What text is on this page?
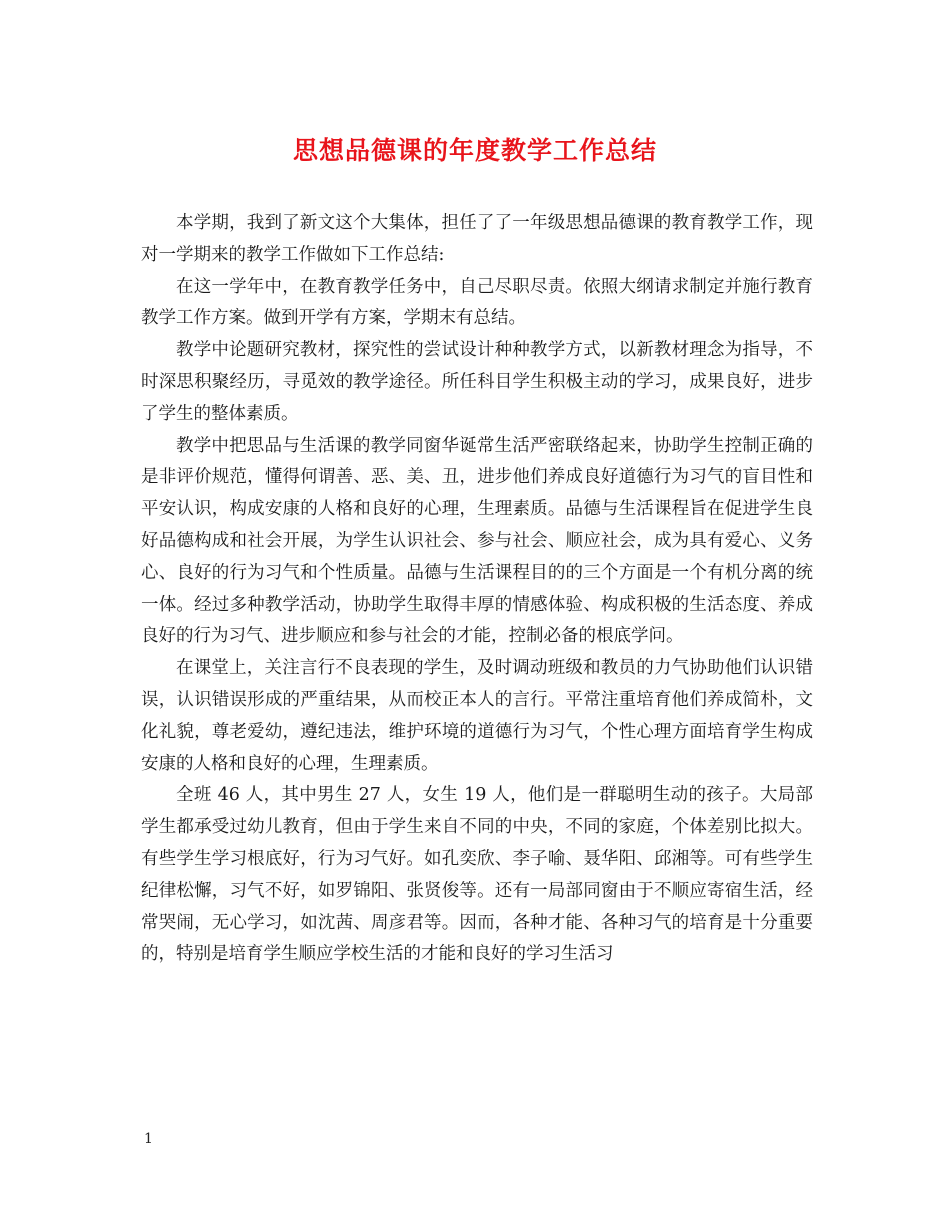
思想品德课的年度教学工作总结

本学期，我到了新文这个大集体，担任了了一年级思想品德课的教育教学工作，现对一学期来的教学工作做如下工作总结:

在这一学年中，在教育教学任务中，自己尽职尽责。依照大纲请求制定并施行教育教学工作方案。做到开学有方案，学期末有总结。

教学中论题研究教材，探究性的尝试设计种种教学方式，以新教材理念为指导，不时深思积聚经历，寻觅效的教学途径。所任科目学生积极主动的学习，成果良好，进步了学生的整体素质。

教学中把思品与生活课的教学同窗华诞常生活严密联络起来，协助学生控制正确的是非评价规范，懂得何谓善、恶、美、丑，进步他们养成良好道德行为习气的盲目性和平安认识，构成安康的人格和良好的心理，生理素质。品德与生活课程旨在促进学生良好品德构成和社会开展，为学生认识社会、参与社会、顺应社会，成为具有爱心、义务心、良好的行为习气和个性质量。品德与生活课程目的的三个方面是一个有机分离的统一体。经过多种教学活动，协助学生取得丰厚的情感体验、构成积极的生活态度、养成良好的行为习气、进步顺应和参与社会的才能，控制必备的根底学问。

在课堂上，关注言行不良表现的学生，及时调动班级和教员的力气协助他们认识错误，认识错误形成的严重结果，从而校正本人的言行。平常注重培育他们养成简朴，文化礼貌，尊老爱幼，遵纪违法，维护环境的道德行为习气，个性心理方面培育学生构成安康的人格和良好的心理，生理素质。

全班 46 人，其中男生 27 人，女生 19 人，他们是一群聪明生动的孩子。大局部学生都承受过幼儿教育，但由于学生来自不同的中央，不同的家庭，个体差别比拟大。有些学生学习根底好，行为习气好。如孔奕欣、李子喻、聂华阳、邱湘等。可有些学生纪律松懈，习气不好，如罗锦阳、张贤俊等。还有一局部同窗由于不顺应寄宿生活，经常哭闹，无心学习，如沈茜、周彦君等。因而，各种才能、各种习气的培育是十分重要的，特别是培育学生顺应学校生活的才能和良好的学习生活习

1
